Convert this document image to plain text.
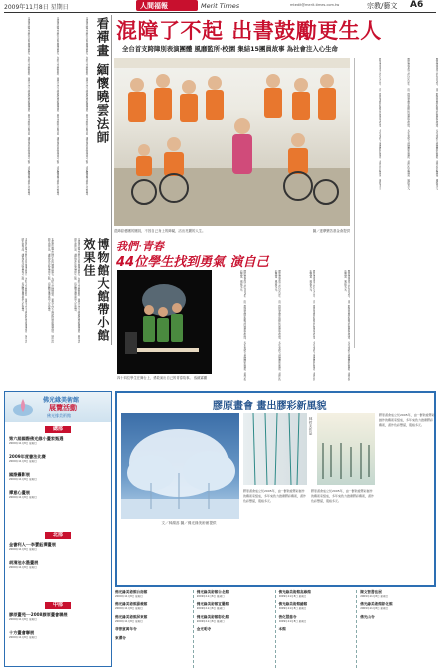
2009年11月8日 星期日	人間福報	Merit Times	mtedit@merit-times.com.tw	宗教/藝文 A6
看禪畫 緬懷曉雲法師
本報訊 曉雲法師生前以禪畫聞名，為紀念法師圓寂，華梵大學文物館特舉辦禪畫展，展出法師生前作品，讓民眾在欣賞畫作之餘，也能體會禪意與人生智慧。
本報訊 曉雲法師生前以禪畫聞名，為紀念法師圓寂，華梵大學文物館特舉辦禪畫展，展出法師生前作品，讓民眾在欣賞畫作之餘，也能體會禪意與人生智慧。
本報訊 曉雲法師生前以禪畫聞名，為紀念法師圓寂，華梵大學文物館特舉辦禪畫展，展出法師生前作品，讓民眾在欣賞畫作之餘，也能體會禪意與人生智慧。
博物館大館帶小館 效果佳
本報訊 曉雲法師生前以禪畫聞名，為紀念法師圓寂，華梵大學文物館特舉辦禪畫展，展出法師生前作品，讓民眾在欣賞畫作之餘，也能體會禪意與人生智慧。
本報訊 曉雲法師生前以禪畫聞名，為紀念法師圓寂，華梵大學文物館特舉辦禪畫展，展出法師生前作品，讓民眾在欣賞畫作之餘，也能體會禪意與人生智慧。
本報訊 曉雲法師生前以禪畫聞名，為紀念法師圓寂，華梵大學文物館特舉辦禪畫展，展出法師生前作品，讓民眾在欣賞畫作之餘，也能體會禪意與人生智慧。
混障了不起 出書鼓勵更生人
全台首支跨障別表演團體 風靡監所‧校園 集結15團員故事 為社會注入心生命
混障綜藝團的團員，不因自己身上的障礙，活出亮麗的人生。	圖／達摩樂苦基金會提供
膠原畫會成立於2005年，由一群熱愛膠彩創作的藝術家組成，多年來致力推廣膠彩藝術，畫作色彩豐富，風格多元。
膠原畫會成立於2005年，由一群熱愛膠彩創作的藝術家組成，多年來致力推廣膠彩藝術，畫作色彩豐富，風格多元。
膠原畫會成立於2005年，由一群熱愛膠彩創作的藝術家組成，多年來致力推廣膠彩藝術，畫作色彩豐富，風格多元。
我們‧青春
44位學生找到勇氣 演自己
四十四位學生在舞台上，勇敢演出自己的青春故事。 孫鏡霖攝	膠原畫會成立於2005年，由一群熱愛膠彩創作的藝術家組成，多年來致力推廣膠彩藝術，畫作色彩豐富，風格多元。
膠原畫會成立於2005年，由一群熱愛膠彩創作的藝術家組成，多年來致力推廣膠彩藝術，畫作色彩豐富，風格多元。
膠原畫會成立於2005年，由一群熱愛膠彩創作的藝術家組成，多年來致力推廣膠彩藝術，畫作色彩豐富，風格多元。
膠原畫會成立於2005年，由一群熱愛膠彩創作的藝術家組成，多年來致力推廣膠彩藝術，畫作色彩豐富，風格多元。
佛光緣美術館
展覽活動
佛光緣美術館
總部
第六屆國際佛光緣小畫家甄選
2009年11月8日 星期日
2009年度書法比賽
2009年11月8日 星期日
國際攝影展
2009年11月8日 星期日
禪意心畫展
2009年11月8日 星期日
北部
金書利人──李寶鈺禪畫展
2009年11月8日 星期日
胡清池水墨畫展
2009年11月8日 星期日
中部
膠原畫苑──2008膠原畫會聯展
2009年11月8日 星期日
十方畫會聯展
2009年11月8日 星期日
膠原畫會 畫出膠彩新風貌
林哲夫作品
膠原畫會成立於2005年，由一群熱愛膠彩創作的藝術家組成，多年來致力推廣膠彩藝術，畫作色彩豐富，風格多元。
文／林湖蕊 圖／佛光緣美術館提供
膠原畫會成立於2005年，由一群熱愛膠彩創作的藝術家組成，多年來致力推廣膠彩藝術，畫作色彩豐富，風格多元。
膠原畫會成立於2005年，由一群熱愛膠彩創作的藝術家組成，多年來致力推廣膠彩藝術，畫作色彩豐富，風格多元。
佛光緣美術館台南館
2009年11月8日 星期日
佛光緣美術館嘉義館
2009年11月8日 星期日
佛光緣美術館屏東館
2009年11月8日 星期日
菲律賓萬年寺
東禪寺
佛光緣美術館台北館
2009年11月8日 星期日
佛光緣美術館宜蘭館
2009年11月8日 星期日
佛光緣美術館彰化館
2009年11月8日 星期日
金光明寺
佛光緣美術館高雄館
2009年11月8日 星期日
佛光緣美術館總館
2009年11月8日 星期日
善化慧慈寺
2009年11月8日 星期日
本館
陳文智書法展
2009年11月8日 星期日
佛光緣美術館彰化館
2009年11月8日 星期日
佛光山寺
